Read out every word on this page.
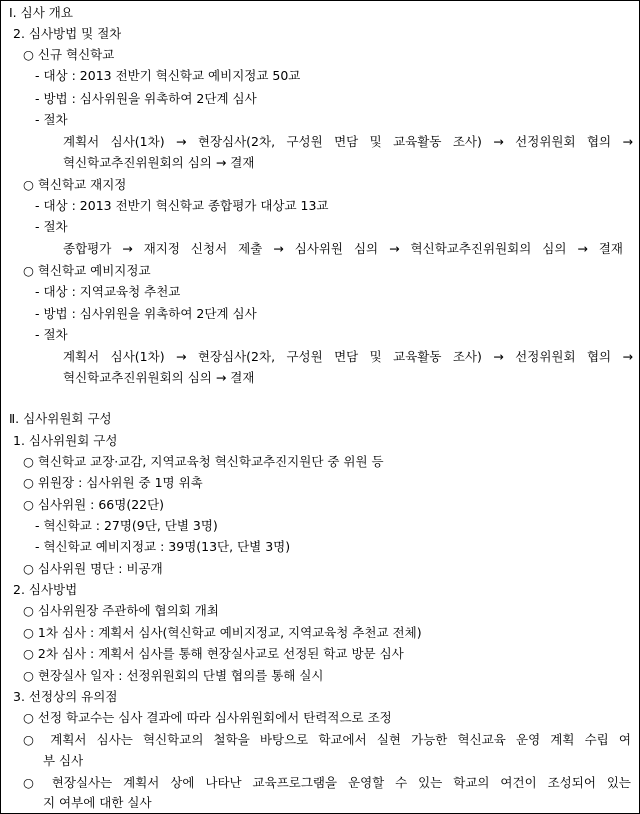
Ⅰ. 심사 개요
2. 심사방법 및 절차
○ 신규 혁신학교
- 대상 : 2013 전반기 혁신학교 예비지정교 50교
- 방법 : 심사위원을 위촉하여 2단계 심사
- 절차
계획서 심사(1차) → 현장심사(2차, 구성원 면담 및 교육활동 조사) → 선정위원회 협의 →
혁신학교추진위원회의 심의 → 결재
○ 혁신학교 재지정
- 대상 : 2013 전반기 혁신학교 종합평가 대상교 13교
- 절차
종합평가 → 재지정 신청서 제출 → 심사위원 심의 → 혁신학교추진위원회의 심의 → 결재
○ 혁신학교 예비지정교
- 대상 : 지역교육청 추천교
- 방법 : 심사위원을 위촉하여 2단계 심사
- 절차
계획서 심사(1차) → 현장심사(2차, 구성원 면담 및 교육활동 조사) → 선정위원회 협의 →
혁신학교추진위원회의 심의 → 결재
Ⅱ. 심사위원회 구성
1. 심사위원회 구성
○ 혁신학교 교장·교감, 지역교육청 혁신학교추진지원단 중 위원 등
○ 위원장 : 심사위원 중 1명 위촉
○ 심사위원 : 66명(22단)
- 혁신학교 : 27명(9단, 단별 3명)
- 혁신학교 예비지정교 : 39명(13단, 단별 3명)
○ 심사위원 명단 : 비공개
2. 심사방법
○ 심사위원장 주관하에 협의회 개최
○ 1차 심사 : 계획서 심사(혁신학교 예비지정교, 지역교육청 추천교 전체)
○ 2차 심사 : 계획서 심사를 통해 현장실사교로 선정된 학교 방문 심사
○ 현장실사 일자 : 선정위원회의 단별 협의를 통해 실시
3. 선정상의 유의점
○ 선정 학교수는 심사 결과에 따라 심사위원회에서 탄력적으로 조정
○ 계획서 심사는 혁신학교의 철학을 바탕으로 학교에서 실현 가능한 혁신교육 운영 계획 수립 여
부 심사
○ 현장실사는 계획서 상에 나타난 교육프로그램을 운영할 수 있는 학교의 여건이 조성되어 있는
지 여부에 대한 실사
